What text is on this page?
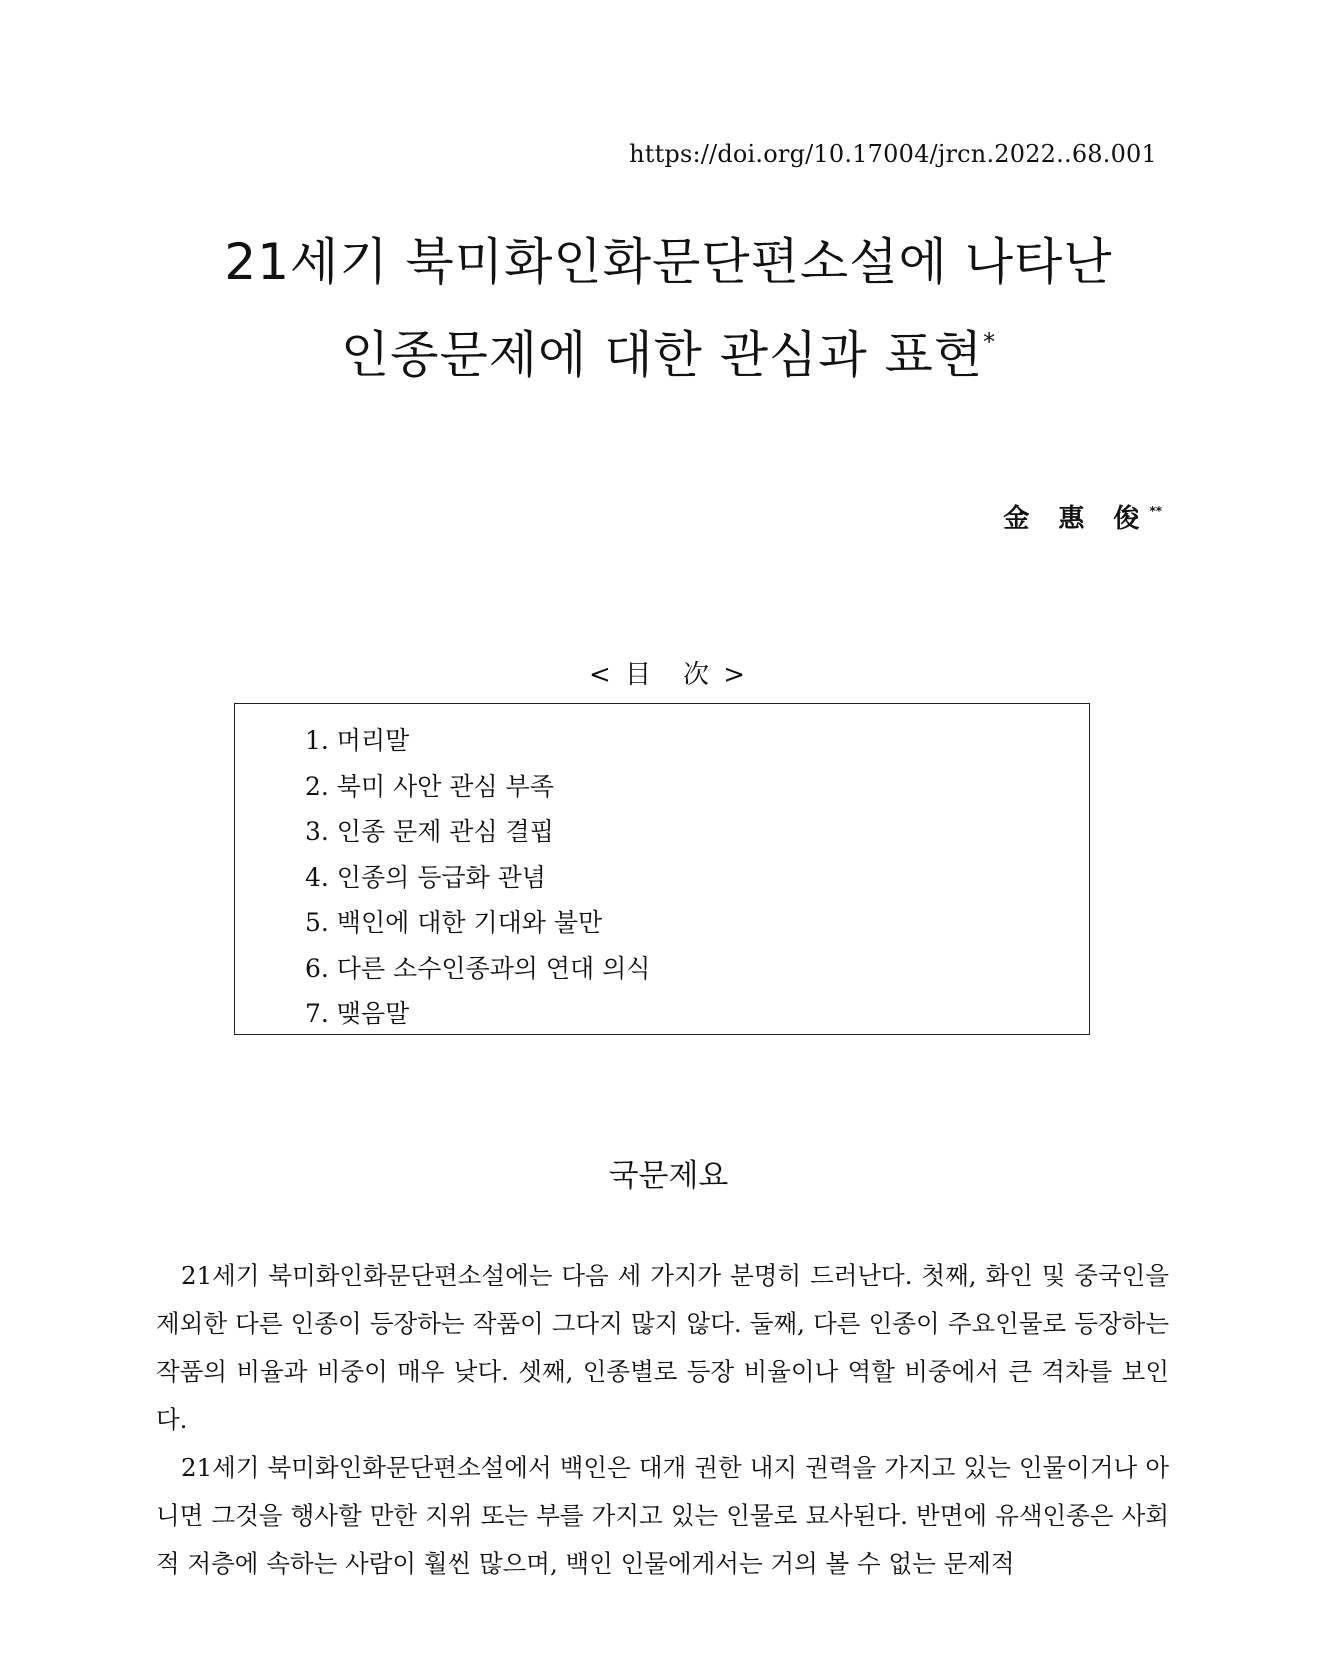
https://doi.org/10.17004/jrcn.2022..68.001
21세기 북미화인화문단편소설에 나타난
인종문제에 대한 관심과 표현*
金 惠 俊**
< 目　次 >
1. 머리말
2. 북미 사안 관심 부족
3. 인종 문제 관심 결핍
4. 인종의 등급화 관념
5. 백인에 대한 기대와 불만
6. 다른 소수인종과의 연대 의식
7. 맺음말
국문제요

21세기 북미화인화문단편소설에는 다음 세 가지가 분명히 드러난다. 첫째, 화인 및 중국인을 제외한 다른 인종이 등장하는 작품이 그다지 많지 않다. 둘째, 다른 인종이 주요인물로 등장하는 작품의 비율과 비중이 매우 낮다. 셋째, 인종별로 등장 비율이나 역할 비중에서 큰 격차를 보인다.

21세기 북미화인화문단편소설에서 백인은 대개 권한 내지 권력을 가지고 있는 인물이거나 아니면 그것을 행사할 만한 지위 또는 부를 가지고 있는 인물로 묘사된다. 반면에 유색인종은 사회적 저층에 속하는 사람이 훨씬 많으며, 백인 인물에게서는 거의 볼 수 없는 문제적
